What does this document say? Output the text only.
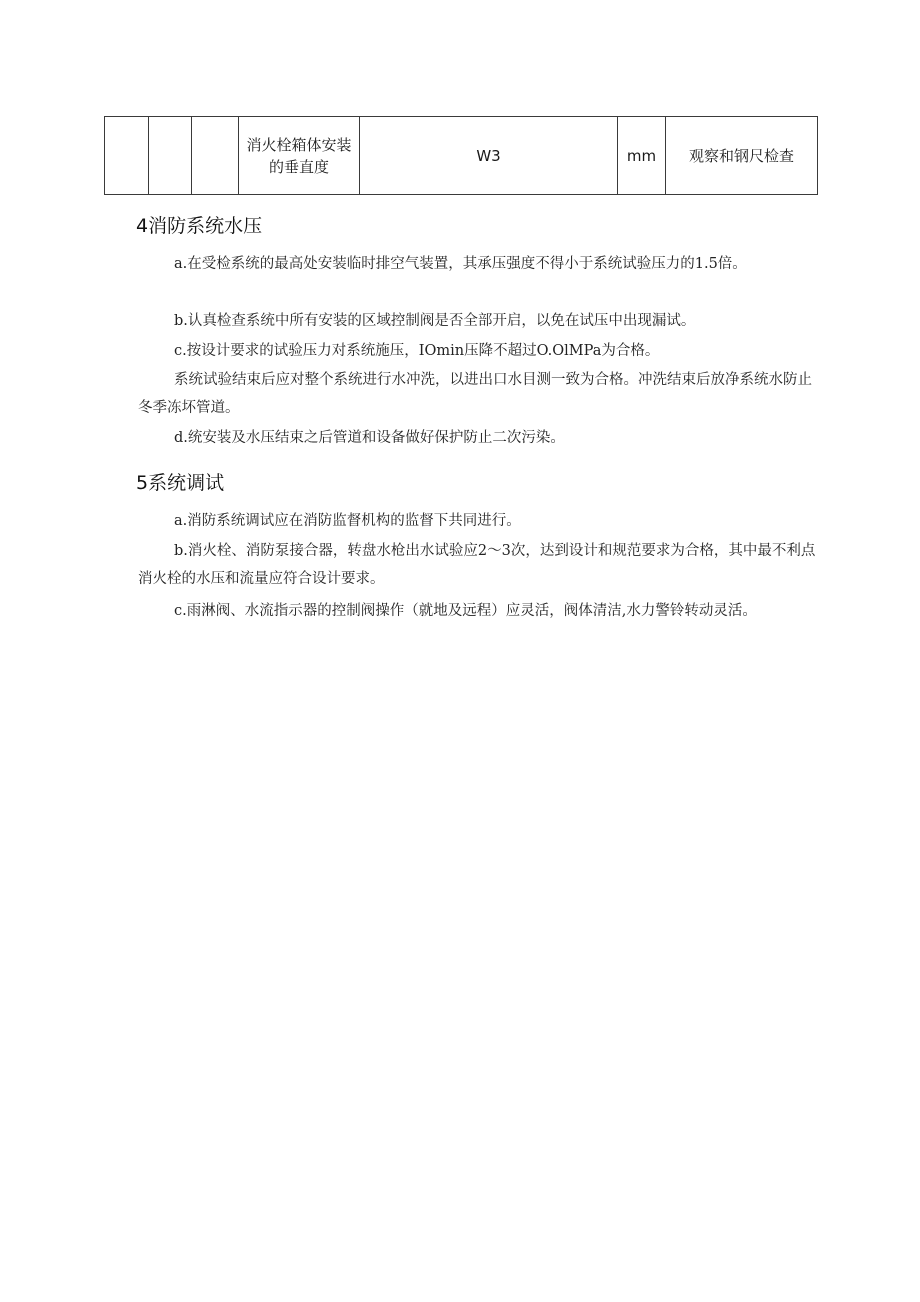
			消火栓箱体安装
的垂直度	W3	mm	观察和钢尺检查
4消防系统水压

a.在受检系统的最高处安装临时排空气装置，其承压强度不得小于系统试验压力的1.5倍。

b.认真检查系统中所有安装的区域控制阀是否全部开启，以免在试压中出现漏试。

c.按设计要求的试验压力对系统施压，IOmin压降不超过O.OlMPa为合格。

系统试验结束后应对整个系统进行水冲洗，以进出口水目测一致为合格。冲洗结束后放净系统水防止冬季冻坏管道。

d.统安装及水压结束之后管道和设备做好保护防止二次污染。

5系统调试

a.消防系统调试应在消防监督机构的监督下共同进行。

b.消火栓、消防泵接合器，转盘水枪出水试验应2～3次，达到设计和规范要求为合格，其中最不利点消火栓的水压和流量应符合设计要求。

c.雨淋阀、水流指示器的控制阀操作（就地及远程）应灵活，阀体清洁,水力警铃转动灵活。
